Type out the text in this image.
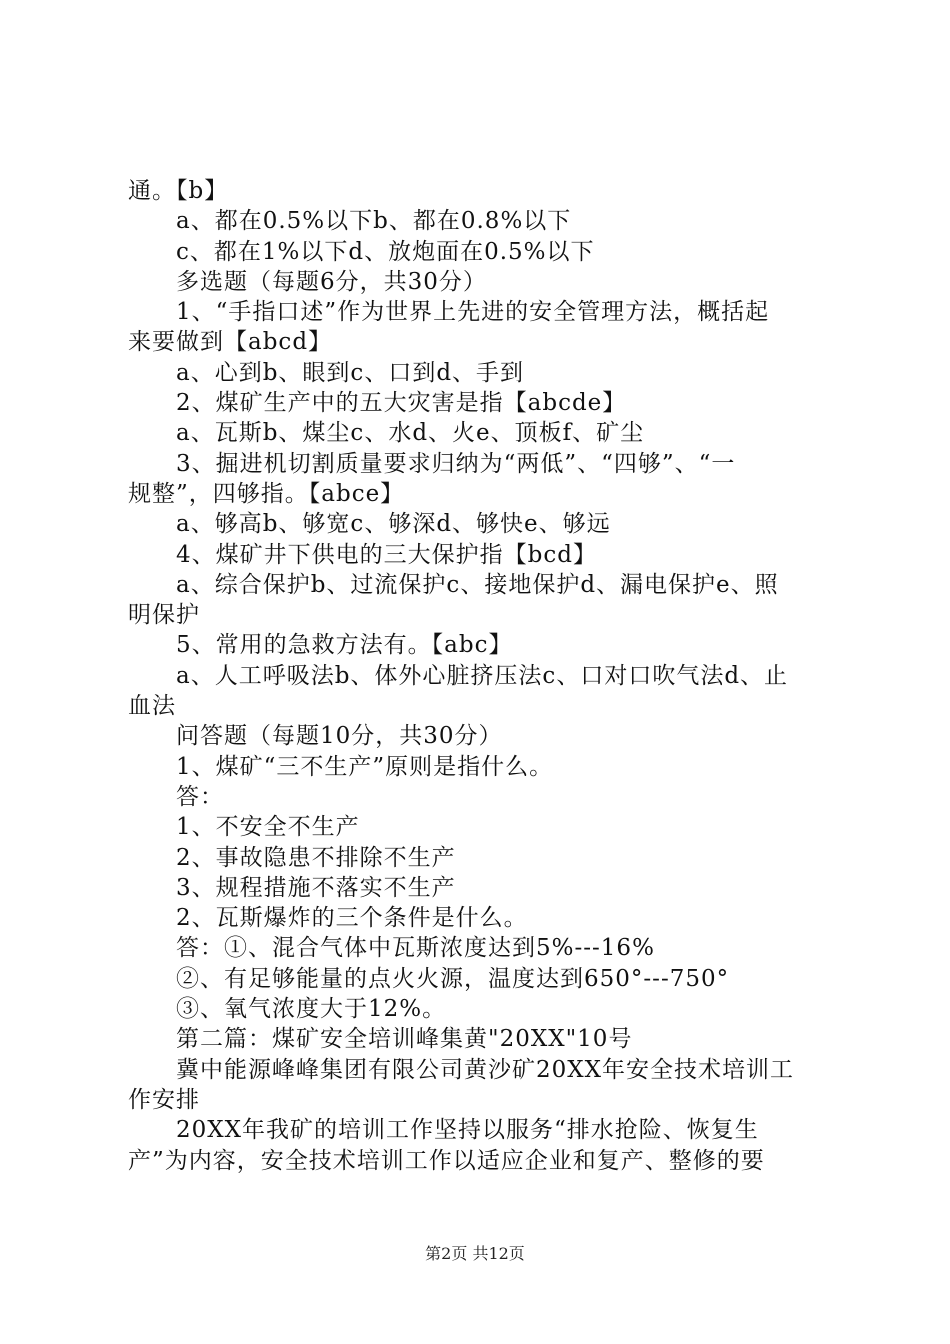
通。【b】
a、都在0.5%以下b、都在0.8%以下
c、都在1%以下d、放炮面在0.5%以下
多选题（每题6分，共30分）
1、“手指口述”作为世界上先进的安全管理方法，概括起
来要做到【abcd】
a、心到b、眼到c、口到d、手到
2、煤矿生产中的五大灾害是指【abcde】
a、瓦斯b、煤尘c、水d、火e、顶板f、矿尘
3、掘进机切割质量要求归纳为“两低”、“四够”、“一
规整”，四够指。【abce】
a、够高b、够宽c、够深d、够快e、够远
4、煤矿井下供电的三大保护指【bcd】
a、综合保护b、过流保护c、接地保护d、漏电保护e、照
明保护
5、常用的急救方法有。【abc】
a、人工呼吸法b、体外心脏挤压法c、口对口吹气法d、止
血法
问答题（每题10分，共30分）
1、煤矿“三不生产”原则是指什么。
答：
1、不安全不生产
2、事故隐患不排除不生产
3、规程措施不落实不生产
2、瓦斯爆炸的三个条件是什么。
答：①、混合气体中瓦斯浓度达到5%---16%
②、有足够能量的点火火源，温度达到650°---750°
③、氧气浓度大于12%。
第二篇：煤矿安全培训峰集黄"20XX"10号
冀中能源峰峰集团有限公司黄沙矿20XX年安全技术培训工
作安排
20XX年我矿的培训工作坚持以服务“排水抢险、恢复生
产”为内容，安全技术培训工作以适应企业和复产、整修的要
第2页 共12页
